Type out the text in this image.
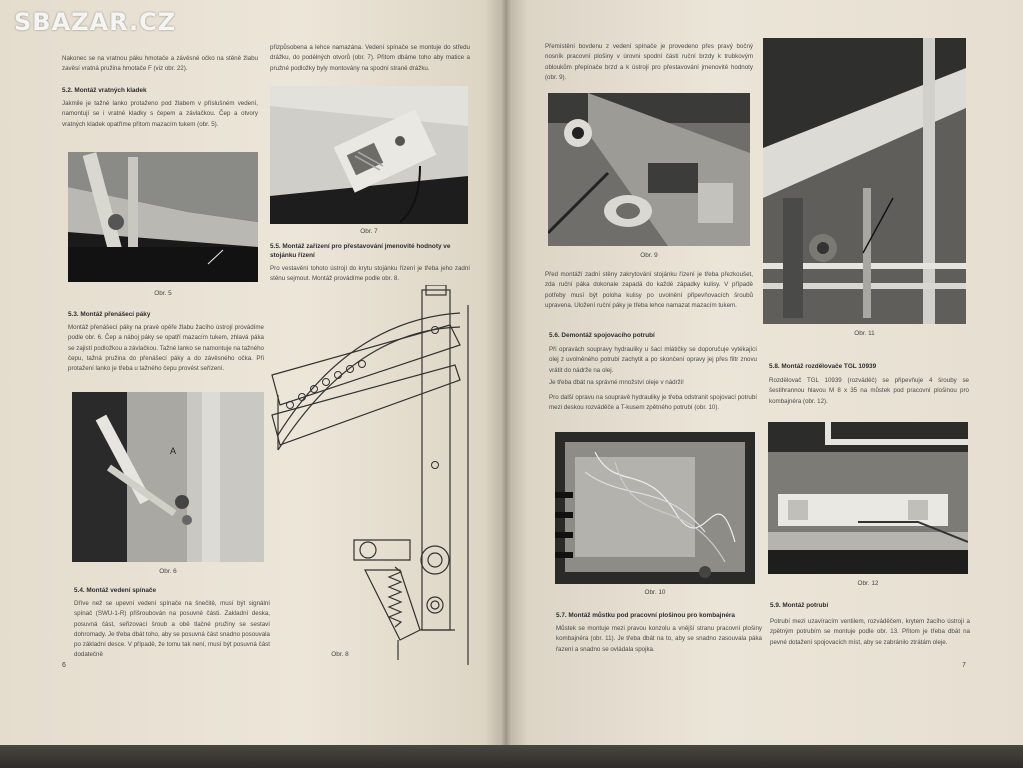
Nakonec se na vratnou páku hmotače a závěsné očko na stěně žlabu zavěsí vratná pružina hmotače F (viz obr. 22).
5.2. Montáž vratných kladek
Jakmile je tažné lanko protaženo pod žlabem v příslušném vedení, namontují se i vratné kladky s čepem a závlačkou. Čep a otvory vratných kladek opatříme přitom mazacím tukem (obr. 5).
Obr. 5
5.3. Montáž přenášecí páky
Montáž přenášecí páky na pravé opěře žlabu žacího ústrojí provádíme podle obr. 6. Čep a náboj páky se opatří mazacím tukem, zhlavá páka se zajistí podložkou a závlačkou. Tažné lanko se namontuje na tažného čepu, tažná pružina do přenášecí páky a do závěsného očka. Při protažení lanko je třeba u tažného čepu provést seřízení.
A
Obr. 6
5.4. Montáž vedení spínače
Dříve než se upevní vedení spínače na šnečitě, musí být signální spínač (SWU-1-R) přišroubován na posuvné části. Zakladní deska, posuvná část, seřizovací šroub a obě tlačné pružiny se sestaví dohromady. Je třeba dbát toho, aby se posuvná část snadno posouvala po základní desce. V případě, že tomu tak není, musí být posuvná část dodatečně
6
přizpůsobena a lehce namazána. Vedení spínače se montuje do středu drážku, do podélných otvorů (obr. 7). Přitom dbáme toho aby matice a pružné podložky byly montovány na spodní straně drážku.
Obr. 7
5.5. Montáž zařízení pro přestavování jmenovité hodnoty ve stojánku řízení
Pro vestavění tohoto ústrojí do krytu stojánku řízení je třeba jeho zadní stěnu sejmout. Montáž provádíme podle obr. 8.
Obr. 8
Přemístění bovdenu z vedení spínače je provedeno přes pravý bočný nosník pracovní plošiny v úrovni spodní části ruční brzdy k trubkovým obloukům přepínače brzd a k ústrojí pro přestavování jmenovité hodnoty (obr. 9).
Obr. 9
Před montáží zadní stěny zakrytování stojánku řízení je třeba přezkoušet, zda ruční páka dokonale zapadá do každé západky kulisy. V případě potřeby musí být poloha kulisy po uvolnění připevňovacích šroubů upravena. Uložení ruční páky je třeba lehce namazat mazacím tukem.
5.6. Demontáž spojovacího potrubí
Při opravách soupravy hydrauliky u šací mlátičky se doporučuje vytékající olej z uvolněného potrubí zachytit a po skončení opravy jej přes filtr znovu vrátit do nádrže na olej.
Je třeba dbát na správné množství oleje v nádrži!
Pro další opravu na soupravě hydrauliky je třeba odstranit spojovací potrubí mezi deskou rozváděče a T-kusem zpětného potrubí (obr. 10).
Obr. 10
5.7. Montáž můstku pod pracovní plošinou pro kombajnéra
Můstek se montuje mezi pravou konzolu a vnější stranu pracovní plošiny kombajnéra (obr. 11). Je třeba dbát na to, aby se snadno zasouvala páka řazení a snadno se ovládala spojka.
Obr. 11
5.8. Montáž rozdělovače TGL 10939
Rozdělovač TGL 10939 (rozváděč) se připevňuje 4 šrouby se šestihrannou hlavou M 8 x 35 na můstek pod pracovní plošinou pro kombajnéra (obr. 12).
Obr. 12
5.9. Montáž potrubí
Potrubí mezi uzavíracím ventilem, rozváděčem, krytem žacího ústrojí a zpětným potrubím se montuje podle obr. 13. Přitom je třeba dbát na pevné dotažení spojovacích míst, aby se zabránilo ztrátám oleje.
7
SBAZAR.CZ
